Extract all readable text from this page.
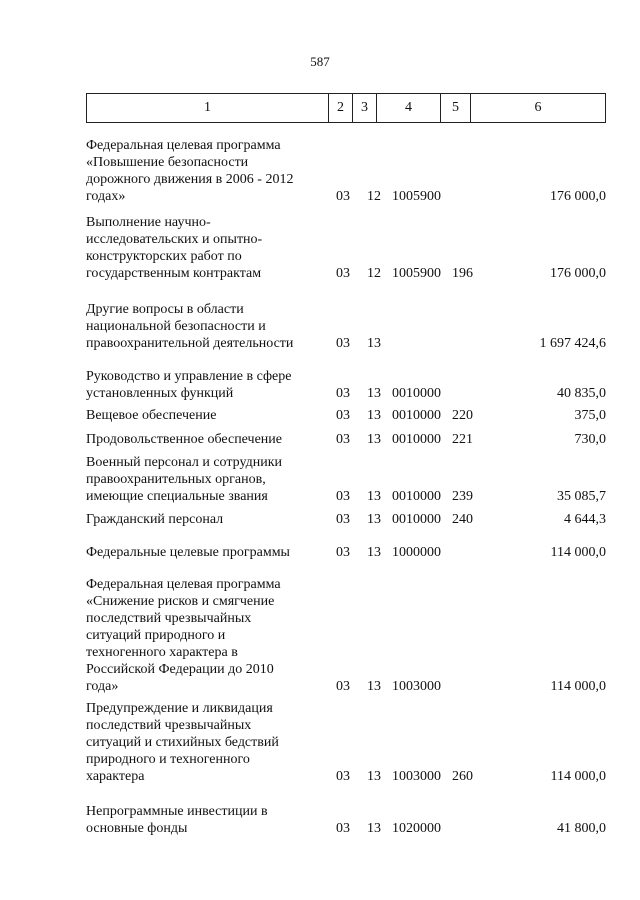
587
1	2	3	4	5	6
Федеральная целевая программа
«Повышение безопасности
дорожного движения в 2006 - 2012
годах»	03 12 1005900	176 000,0
Выполнение научно-
исследовательских и опытно-
конструкторских работ по
государственным контрактам	03 12 1005900 196	176 000,0
Другие вопросы в области
национальной безопасности и
правоохранительной деятельности	03 13	1 697 424,6
Руководство и управление в сфере
установленных функций	03 13 0010000	40 835,0
Вещевое обеспечение	03 13 0010000 220	375,0
Продовольственное обеспечение	03 13 0010000 221	730,0
Военный персонал и сотрудники
правоохранительных органов,
имеющие специальные звания	03 13 0010000 239	35 085,7
Гражданский персонал	03 13 0010000 240	4 644,3
Федеральные целевые программы	03 13 1000000	114 000,0
Федеральная целевая программа
«Снижение рисков и смягчение
последствий чрезвычайных
ситуаций природного и
техногенного характера в
Российской Федерации до 2010
года»	03 13 1003000	114 000,0
Предупреждение и ликвидация
последствий чрезвычайных
ситуаций и стихийных бедствий
природного и техногенного
характера	03 13 1003000 260	114 000,0
Непрограммные инвестиции в
основные фонды	03 13 1020000	41 800,0
